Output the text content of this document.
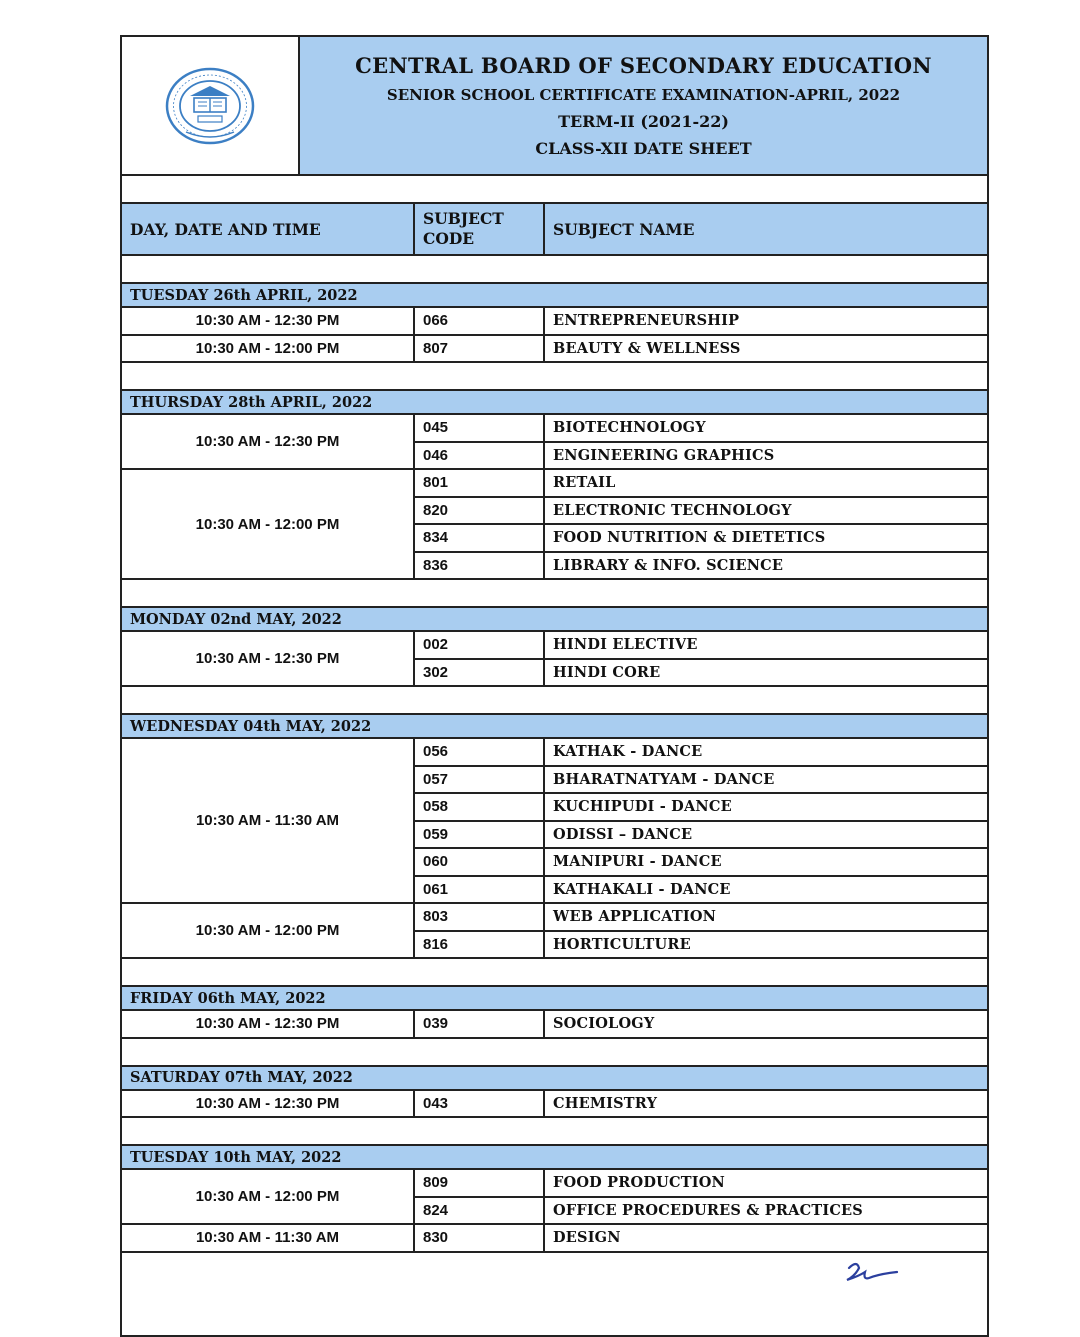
CENTRAL BOARD OF SECONDARY EDUCATION
SENIOR SCHOOL CERTIFICATE EXAMINATION-APRIL, 2022
TERM-II (2021-22)
CLASS-XII DATE SHEET
DAY, DATE AND TIME
SUBJECT CODE	SUBJECT NAME
TUESDAY 26th APRIL, 2022
10:30 AM - 12:30 PM	066	ENTREPRENEURSHIP
10:30 AM - 12:00 PM	807	BEAUTY & WELLNESS
THURSDAY 28th APRIL, 2022
10:30 AM - 12:30 PM
045	BIOTECHNOLOGY
046	ENGINEERING GRAPHICS
10:30 AM - 12:00 PM
801	RETAIL
820	ELECTRONIC TECHNOLOGY
834	FOOD NUTRITION & DIETETICS
836	LIBRARY & INFO. SCIENCE
MONDAY 02nd MAY, 2022
10:30 AM - 12:30 PM
002	HINDI ELECTIVE
302	HINDI CORE
WEDNESDAY 04th MAY, 2022
10:30 AM - 11:30 AM
056	KATHAK - DANCE
057	BHARATNATYAM - DANCE
058	KUCHIPUDI - DANCE
059	ODISSI – DANCE
060	MANIPURI - DANCE
061	KATHAKALI - DANCE
10:30 AM - 12:00 PM
803	WEB APPLICATION
816	HORTICULTURE
FRIDAY 06th MAY, 2022
10:30 AM - 12:30 PM	039	SOCIOLOGY
SATURDAY 07th MAY, 2022
10:30 AM - 12:30 PM	043	CHEMISTRY
TUESDAY 10th MAY, 2022
10:30 AM - 12:00 PM
809	FOOD PRODUCTION
824	OFFICE PROCEDURES & PRACTICES
10:30 AM - 11:30 AM	830	DESIGN
